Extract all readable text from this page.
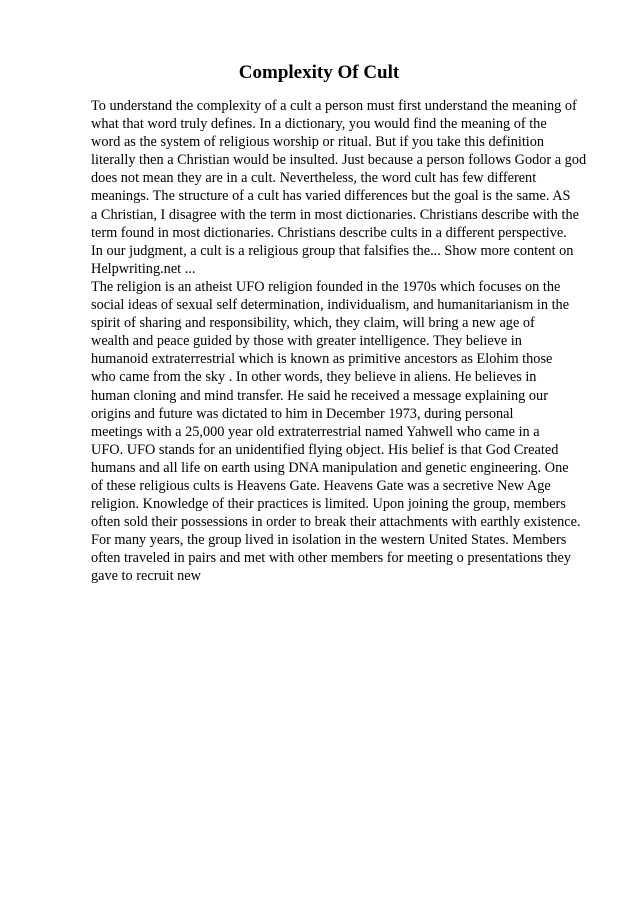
Complexity Of Cult
To understand the complexity of a cult a person must first understand the meaning of
what that word truly defines. In a dictionary, you would find the meaning of the
word as the system of religious worship or ritual. But if you take this definition
literally then a Christian would be insulted. Just because a person follows Godor a god
does not mean they are in a cult. Nevertheless, the word cult has few different
meanings. The structure of a cult has varied differences but the goal is the same. AS
a Christian, I disagree with the term in most dictionaries. Christians describe with the
term found in most dictionaries. Christians describe cults in a different perspective.
In our judgment, a cult is a religious group that falsifies the... Show more content on
Helpwriting.net ...
The religion is an atheist UFO religion founded in the 1970s which focuses on the
social ideas of sexual self determination, individualism, and humanitarianism in the
spirit of sharing and responsibility, which, they claim, will bring a new age of
wealth and peace guided by those with greater intelligence. They believe in
humanoid extraterrestrial which is known as primitive ancestors as Elohim those
who came from the sky . In other words, they believe in aliens. He believes in
human cloning and mind transfer. He said he received a message explaining our
origins and future was dictated to him in December 1973, during personal
meetings with a 25,000 year old extraterrestrial named Yahwell who came in a
UFO. UFO stands for an unidentified flying object. His belief is that God Created
humans and all life on earth using DNA manipulation and genetic engineering. One
of these religious cults is Heavens Gate. Heavens Gate was a secretive New Age
religion. Knowledge of their practices is limited. Upon joining the group, members
often sold their possessions in order to break their attachments with earthly existence.
For many years, the group lived in isolation in the western United States. Members
often traveled in pairs and met with other members for meeting o presentations they
gave to recruit new
